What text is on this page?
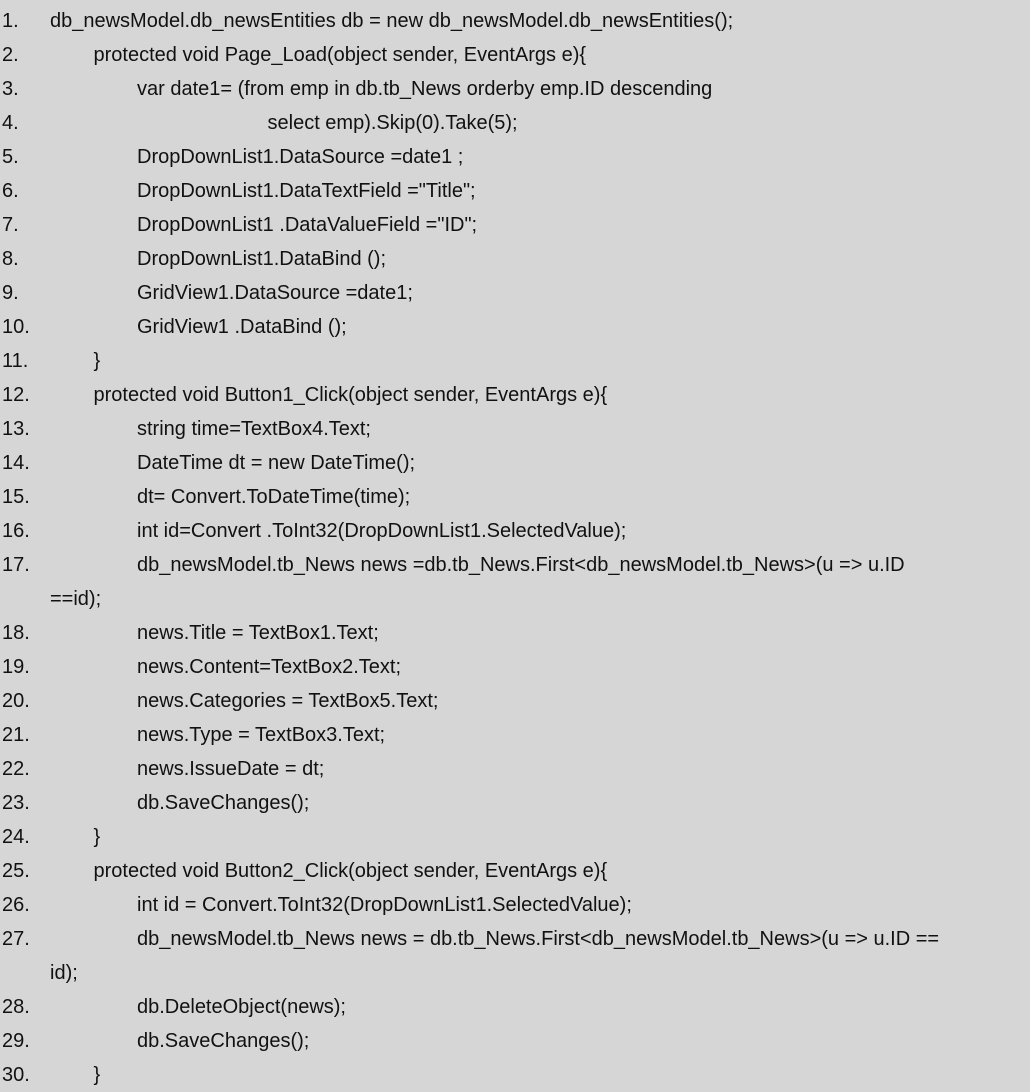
1.	db_newsModel.db_newsEntities db = new db_newsModel.db_newsEntities();
2.	protected void Page_Load(object sender, EventArgs e){
3.	var date1= (from emp in db.tb_News orderby emp.ID descending
4.	select emp).Skip(0).Take(5);
5.	DropDownList1.DataSource =date1 ;
6.	DropDownList1.DataTextField ="Title";
7.	DropDownList1 .DataValueField ="ID";
8.	DropDownList1.DataBind ();
9.	GridView1.DataSource =date1;
10.	GridView1 .DataBind ();
11.	}
12.	protected void Button1_Click(object sender, EventArgs e){
13.	string time=TextBox4.Text;
14.	DateTime dt = new DateTime();
15.	dt= Convert.ToDateTime(time);
16.	int id=Convert .ToInt32(DropDownList1.SelectedValue);
17.	db_newsModel.tb_News news =db.tb_News.First<db_newsModel.tb_News>(u => u.ID
==id);
18.	news.Title = TextBox1.Text;
19.	news.Content=TextBox2.Text;
20.	news.Categories = TextBox5.Text;
21.	news.Type = TextBox3.Text;
22.	news.IssueDate = dt;
23.	db.SaveChanges();
24.	}
25.	protected void Button2_Click(object sender, EventArgs e){
26.	int id = Convert.ToInt32(DropDownList1.SelectedValue);
27.	db_newsModel.tb_News news = db.tb_News.First<db_newsModel.tb_News>(u => u.ID ==
id);
28.	db.DeleteObject(news);
29.	db.SaveChanges();
30.	}
